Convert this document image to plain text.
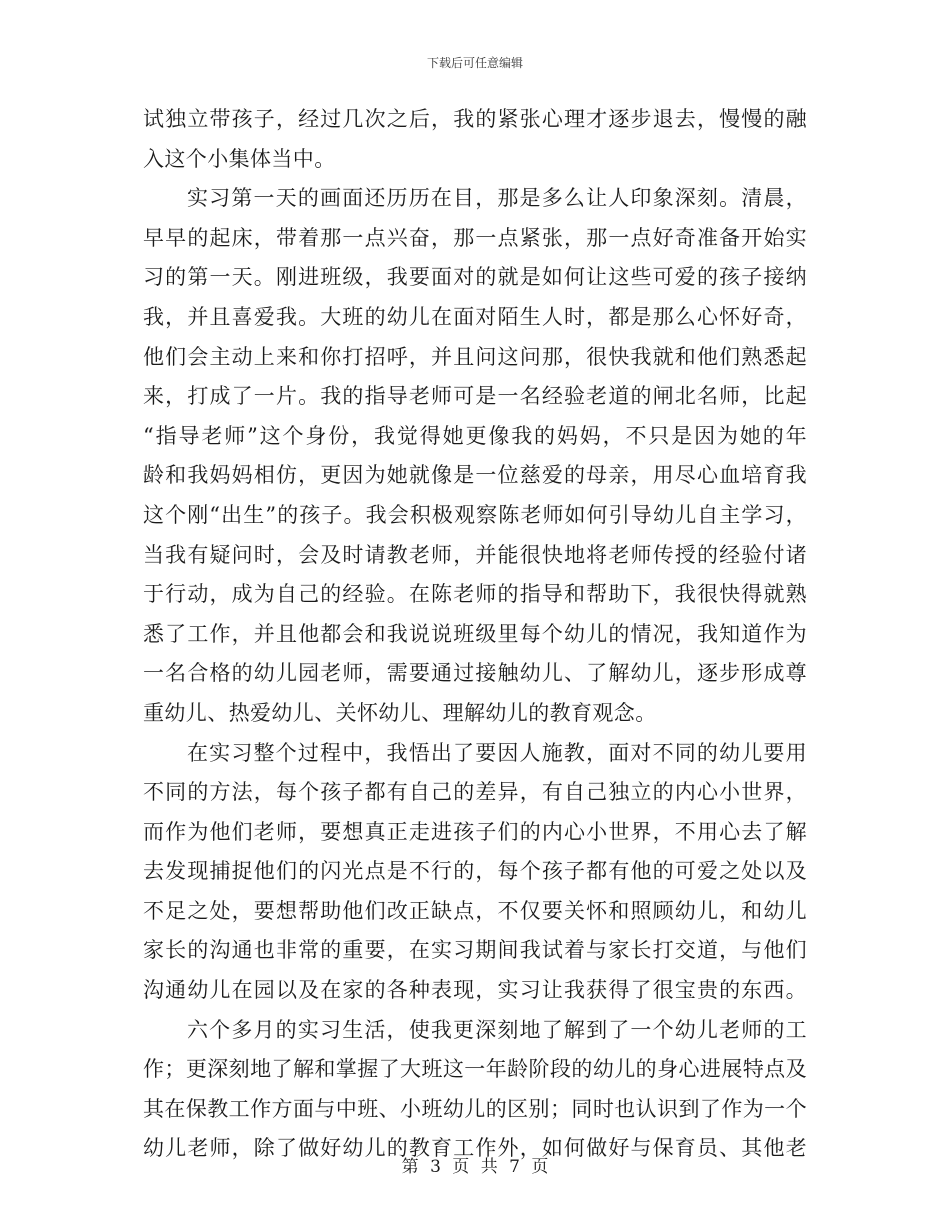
下载后可任意编辑
试独立带孩子，经过几次之后，我的紧张心理才逐步退去，慢慢的融
入这个小集体当中。
实习第一天的画面还历历在目，那是多么让人印象深刻。清晨，
早早的起床，带着那一点兴奋，那一点紧张，那一点好奇准备开始实
习的第一天。刚进班级，我要面对的就是如何让这些可爱的孩子接纳
我，并且喜爱我。大班的幼儿在面对陌生人时，都是那么心怀好奇，
他们会主动上来和你打招呼，并且问这问那，很快我就和他们熟悉起
来，打成了一片。我的指导老师可是一名经验老道的闸北名师，比起
“指导老师”这个身份，我觉得她更像我的妈妈，不只是因为她的年
龄和我妈妈相仿，更因为她就像是一位慈爱的母亲，用尽心血培育我
这个刚“出生”的孩子。我会积极观察陈老师如何引导幼儿自主学习，
当我有疑问时，会及时请教老师，并能很快地将老师传授的经验付诸
于行动，成为自己的经验。在陈老师的指导和帮助下，我很快得就熟
悉了工作，并且他都会和我说说班级里每个幼儿的情况，我知道作为
一名合格的幼儿园老师，需要通过接触幼儿、了解幼儿，逐步形成尊
重幼儿、热爱幼儿、关怀幼儿、理解幼儿的教育观念。
在实习整个过程中，我悟出了要因人施教，面对不同的幼儿要用
不同的方法，每个孩子都有自己的差异，有自己独立的内心小世界，
而作为他们老师，要想真正走进孩子们的内心小世界，不用心去了解
去发现捕捉他们的闪光点是不行的，每个孩子都有他的可爱之处以及
不足之处，要想帮助他们改正缺点，不仅要关怀和照顾幼儿，和幼儿
家长的沟通也非常的重要，在实习期间我试着与家长打交道，与他们
沟通幼儿在园以及在家的各种表现，实习让我获得了很宝贵的东西。
六个多月的实习生活，使我更深刻地了解到了一个幼儿老师的工
作；更深刻地了解和掌握了大班这一年龄阶段的幼儿的身心进展特点及
其在保教工作方面与中班、小班幼儿的区别；同时也认识到了作为一个
幼儿老师，除了做好幼儿的教育工作外，如何做好与保育员、其他老
第 3 页 共 7 页
